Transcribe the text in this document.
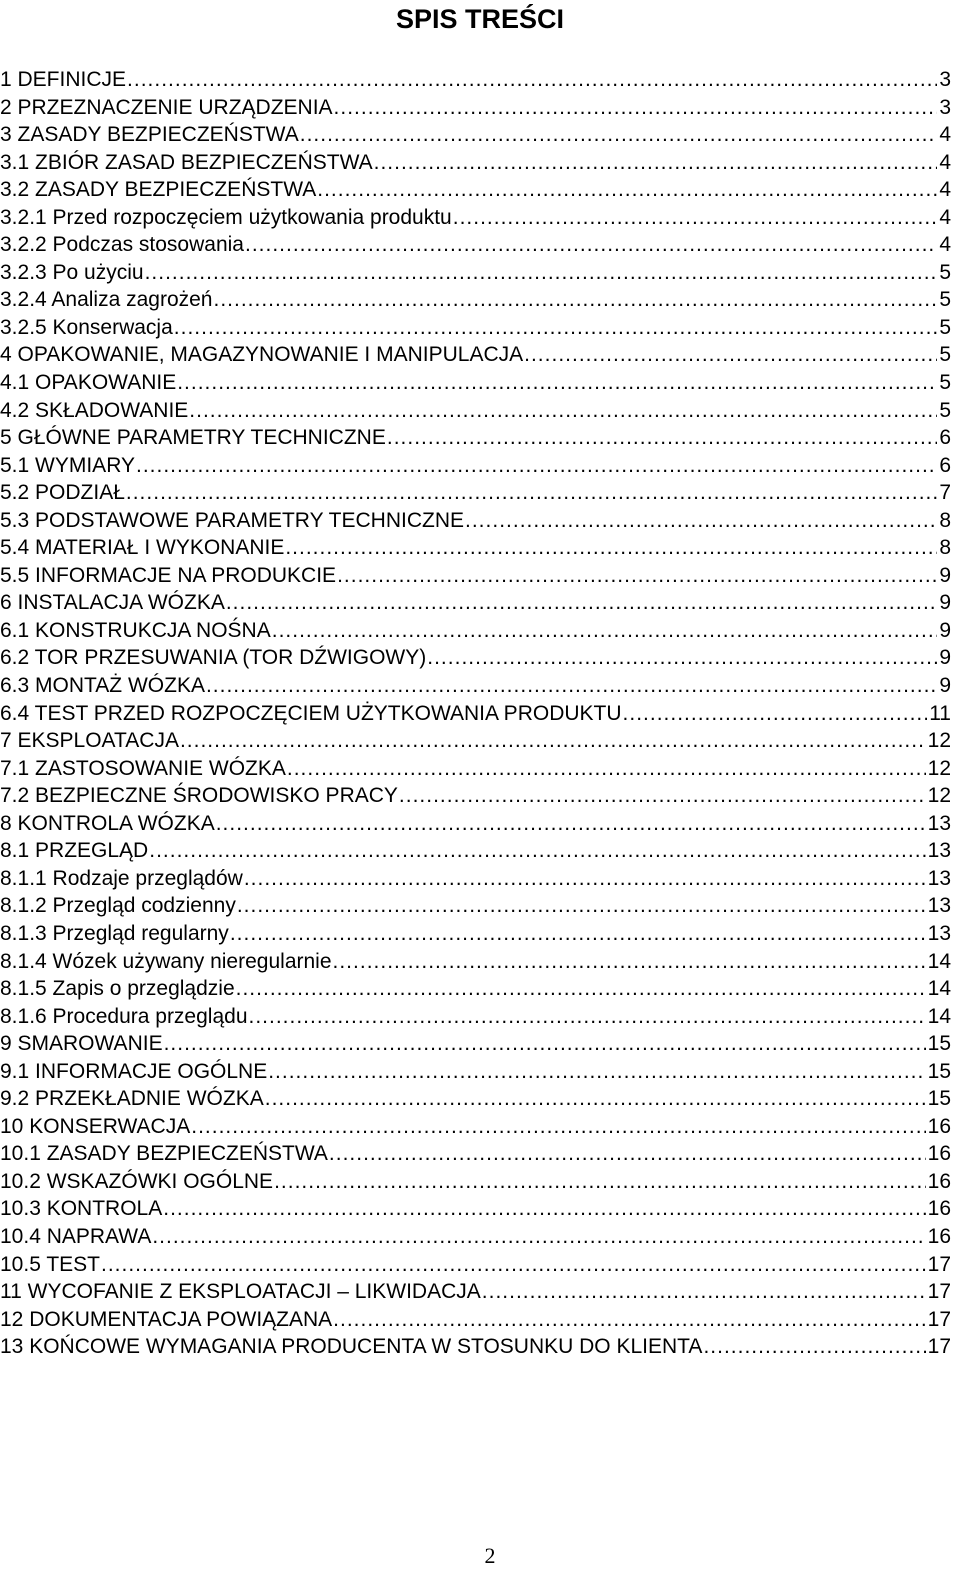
SPIS TREŚCI
1 DEFINICJE .....	3
2 PRZEZNACZENIE URZĄDZENIA .....	3
3 ZASADY BEZPIECZEŃSTWA .....	4
3.1 ZBIÓR ZASAD BEZPIECZEŃSTWA .....	4
3.2 ZASADY BEZPIECZEŃSTWA .....	4
3.2.1 Przed rozpoczęciem użytkowania produktu .....	4
3.2.2 Podczas stosowania .....	4
3.2.3 Po użyciu .....	5
3.2.4 Analiza zagrożeń .....	5
3.2.5 Konserwacja .....	5
4 OPAKOWANIE, MAGAZYNOWANIE I MANIPULACJA .....	5
4.1 OPAKOWANIE .....	5
4.2 SKŁADOWANIE .....	5
5 GŁÓWNE PARAMETRY TECHNICZNE .....	6
5.1 WYMIARY .....	6
5.2 PODZIAŁ .....	7
5.3 PODSTAWOWE PARAMETRY TECHNICZNE .....	8
5.4 MATERIAŁ I WYKONANIE .....	8
5.5 INFORMACJE NA PRODUKCIE .....	9
6 INSTALACJA WÓZKA .....	9
6.1 KONSTRUKCJA NOŚNA .....	9
6.2 TOR PRZESUWANIA (TOR DŹWIGOWY) .....	9
6.3 MONTAŻ WÓZKA .....	9
6.4 TEST PRZED ROZPOCZĘCIEM UŻYTKOWANIA PRODUKTU .....	11
7 EKSPLOATACJA .....	12
7.1 ZASTOSOWANIE WÓZKA .....	12
7.2 BEZPIECZNE ŚRODOWISKO PRACY .....	12
8 KONTROLA WÓZKA .....	13
8.1 PRZEGLĄD .....	13
8.1.1 Rodzaje przeglądów .....	13
8.1.2 Przegląd codzienny .....	13
8.1.3 Przegląd regularny .....	13
8.1.4 Wózek używany nieregularnie .....	14
8.1.5 Zapis o przeglądzie .....	14
8.1.6 Procedura przeglądu .....	14
9 SMAROWANIE .....	15
9.1 INFORMACJE OGÓLNE .....	15
9.2 PRZEKŁADNIE WÓZKA .....	15
10 KONSERWACJA .....	16
10.1 ZASADY BEZPIECZEŃSTWA .....	16
10.2 WSKAZÓWKI OGÓLNE .....	16
10.3 KONTROLA .....	16
10.4 NAPRAWA .....	16
10.5 TEST .....	17
11 WYCOFANIE Z EKSPLOATACJI – LIKWIDACJA .....	17
12 DOKUMENTACJA POWIĄZANA .....	17
13 KOŃCOWE WYMAGANIA PRODUCENTA W STOSUNKU DO KLIENTA .....	17
2
